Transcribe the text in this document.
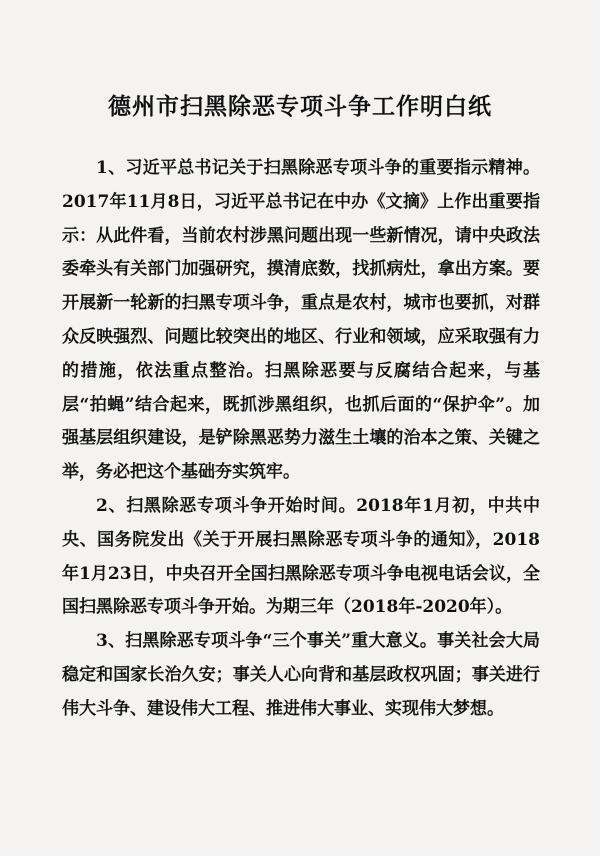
德州市扫黑除恶专项斗争工作明白纸

1、习近平总书记关于扫黑除恶专项斗争的重要指示精神。2017年11月8日，习近平总书记在中办《文摘》上作出重要指示：从此件看，当前农村涉黑问题出现一些新情况，请中央政法委牵头有关部门加强研究，摸清底数，找抓病灶，拿出方案。要开展新一轮新的扫黑专项斗争，重点是农村，城市也要抓，对群众反映强烈、问题比较突出的地区、行业和领域，应采取强有力的措施，依法重点整治。扫黑除恶要与反腐结合起来，与基层“拍蝇”结合起来，既抓涉黑组织，也抓后面的“保护伞”。加强基层组织建设，是铲除黑恶势力滋生土壤的治本之策、关键之举，务必把这个基础夯实筑牢。

2、扫黑除恶专项斗争开始时间。2018年1月初，中共中央、国务院发出《关于开展扫黑除恶专项斗争的通知》，2018年1月23日，中央召开全国扫黑除恶专项斗争电视电话会议，全国扫黑除恶专项斗争开始。为期三年（2018年-2020年）。

3、扫黑除恶专项斗争“三个事关”重大意义。事关社会大局稳定和国家长治久安；事关人心向背和基层政权巩固；事关进行伟大斗争、建设伟大工程、推进伟大事业、实现伟大梦想。
